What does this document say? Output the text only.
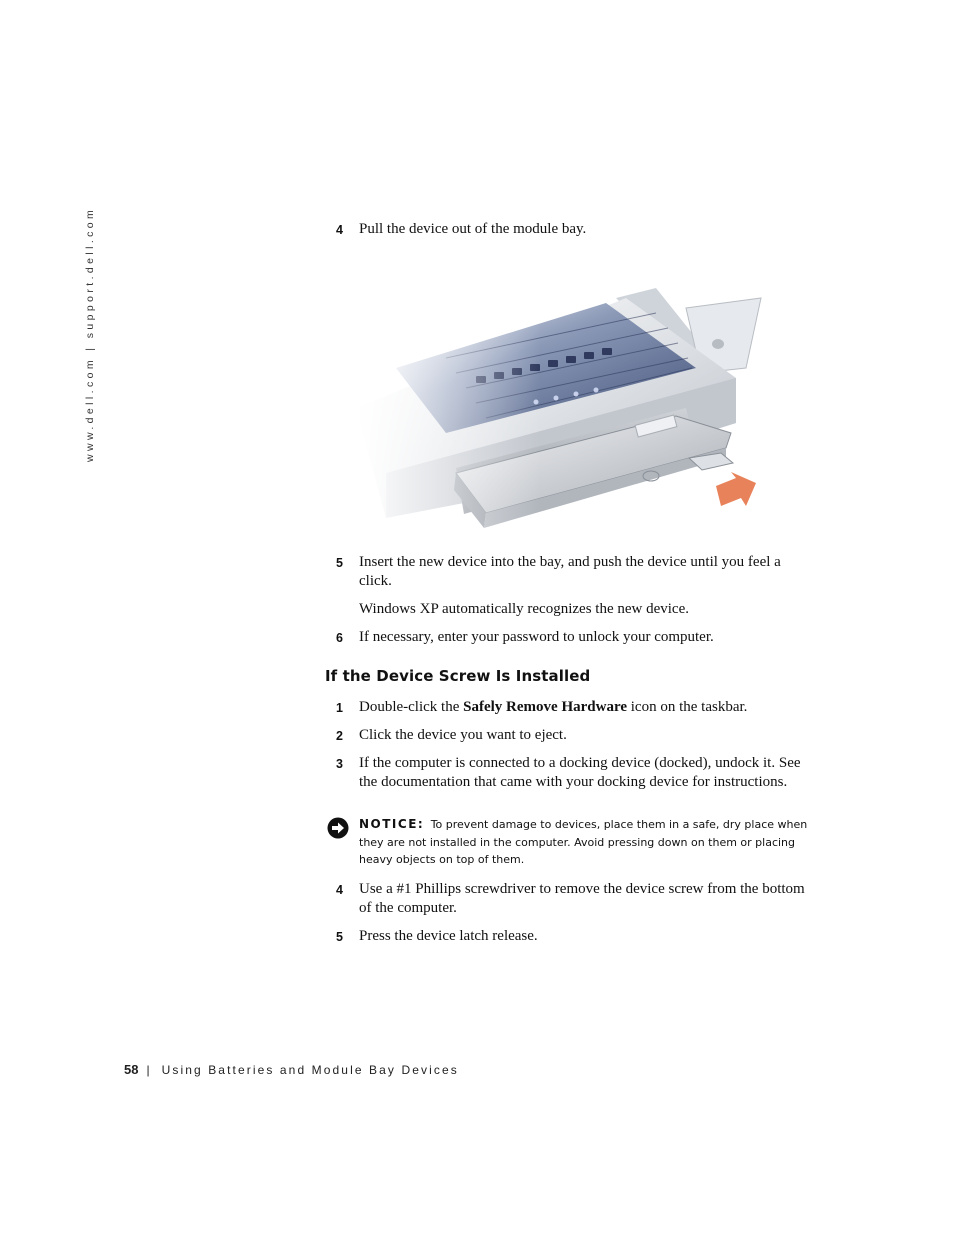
www.dell.com | support.dell.com	4 Pull the device out of the module bay.
5 Insert the new device into the bay, and push the device until you feel a click.
Windows XP automatically recognizes the new device.
6 If necessary, enter your password to unlock your computer.
If the Device Screw Is Installed
1 Double-click the Safely Remove Hardware icon on the taskbar.
2 Click the device you want to eject.
3 If the computer is connected to a docking device (docked), undock it. See the documentation that came with your docking device for instructions.
NOTICE: To prevent damage to devices, place them in a safe, dry place when they are not installed in the computer. Avoid pressing down on them or placing heavy objects on top of them.
4 Use a #1 Phillips screwdriver to remove the device screw from the bottom of the computer.
5 Press the device latch release.
58 | Using Batteries and Module Bay Devices
